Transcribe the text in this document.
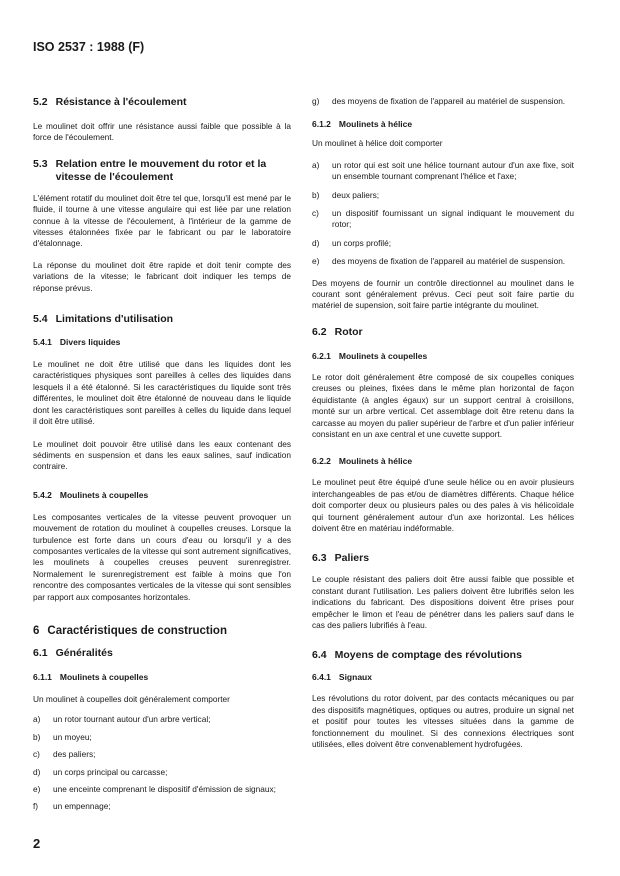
ISO 2537 : 1988 (F)
5.2 Résistance à l'écoulement

Le moulinet doit offrir une résistance aussi faible que possible à la force de l'écoulement.

5.3 Relation entre le mouvement du rotor et la vitesse de l'écoulement

L'élément rotatif du moulinet doit être tel que, lorsqu'il est mené par le fluide, il tourne à une vitesse angulaire qui est liée par une relation connue à la vitesse de l'écoulement, à l'intérieur de la gamme de vitesses étalonnées fixée par le fabricant ou par le laboratoire d'étalonnage.

La réponse du moulinet doit être rapide et doit tenir compte des variations de la vitesse; le fabricant doit indiquer les temps de réponse prévus.

5.4 Limitations d'utilisation
5.4.1 Divers liquides

Le moulinet ne doit être utilisé que dans les liquides dont les caractéristiques physiques sont pareilles à celles des liquides dans lesquels il a été étalonné. Si les caractéristiques du liquide sont très différentes, le moulinet doit être étalonné de nouveau dans le liquide dont les caractéristiques sont pareilles à celles du liquide dans lequel il doit être utilisé.

Le moulinet doit pouvoir être utilisé dans les eaux contenant des sédiments en suspension et dans les eaux salines, sauf indication contraire.

5.4.2 Moulinets à coupelles

Les composantes verticales de la vitesse peuvent provoquer un mouvement de rotation du moulinet à coupelles creuses. Lorsque la turbulence est forte dans un cours d'eau ou lorsqu'il y a des composantes verticales de la vitesse qui sont autrement significatives, les moulinets à coupelles creuses peuvent surenregistrer. Normalement le surenregistrement est faible à moins que l'on rencontre des composantes verticales de la vitesse qui sont sensibles par rapport aux composantes horizontales.

6 Caractéristiques de construction
6.1 Généralités
6.1.1 Moulinets à coupelles

Un moulinet à coupelles doit généralement comporter

a)	un rotor tournant autour d'un arbre vertical;
b)	un moyeu;
c)	des paliers;
d)	un corps principal ou carcasse;
e)	une enceinte comprenant le dispositif d'émission de signaux;
f)	un empennage;
g)	des moyens de fixation de l'appareil au matériel de suspension.
6.1.2 Moulinets à hélice

Un moulinet à hélice doit comporter

a)	un rotor qui est soit une hélice tournant autour d'un axe fixe, soit un ensemble tournant comprenant l'hélice et l'axe;
b)	deux paliers;
c)	un dispositif fournissant un signal indiquant le mouvement du rotor;
d)	un corps profilé;
e)	des moyens de fixation de l'appareil au matériel de suspension.

Des moyens de fournir un contrôle directionnel au moulinet dans le courant sont généralement prévus. Ceci peut soit faire partie du matériel de supension, soit faire partie intégrante du moulinet.

6.2 Rotor
6.2.1 Moulinets à coupelles

Le rotor doit généralement être composé de six coupelles coniques creuses ou pleines, fixées dans le même plan horizontal de façon équidistante (à angles égaux) sur un support central à croisillons, monté sur un arbre vertical. Cet assemblage doit être retenu dans la carcasse au moyen du palier supérieur de l'arbre et d'un palier inférieur consistant en un axe central et une cuvette support.

6.2.2 Moulinets à hélice

Le moulinet peut être équipé d'une seule hélice ou en avoir plusieurs interchangeables de pas et/ou de diamètres différents. Chaque hélice doit comporter deux ou plusieurs pales ou des pales à vis hélicoïdale qui tournent généralement autour d'un axe horizontal. Les hélices doivent être en matériau indéformable.

6.3 Paliers

Le couple résistant des paliers doit être aussi faible que possible et constant durant l'utilisation. Les paliers doivent être lubrifiés selon les indications du fabricant. Des dispositions doivent être prises pour empêcher le limon et l'eau de pénétrer dans les paliers sauf dans le cas des paliers lubrifiés à l'eau.

6.4 Moyens de comptage des révolutions
6.4.1 Signaux

Les révolutions du rotor doivent, par des contacts mécaniques ou par des dispositifs magnétiques, optiques ou autres, produire un signal net et positif pour toutes les vitesses situées dans la gamme de fonctionnement du moulinet. Si des connexions électriques sont utilisées, elles doivent être convenablement hydrofugées.

2
